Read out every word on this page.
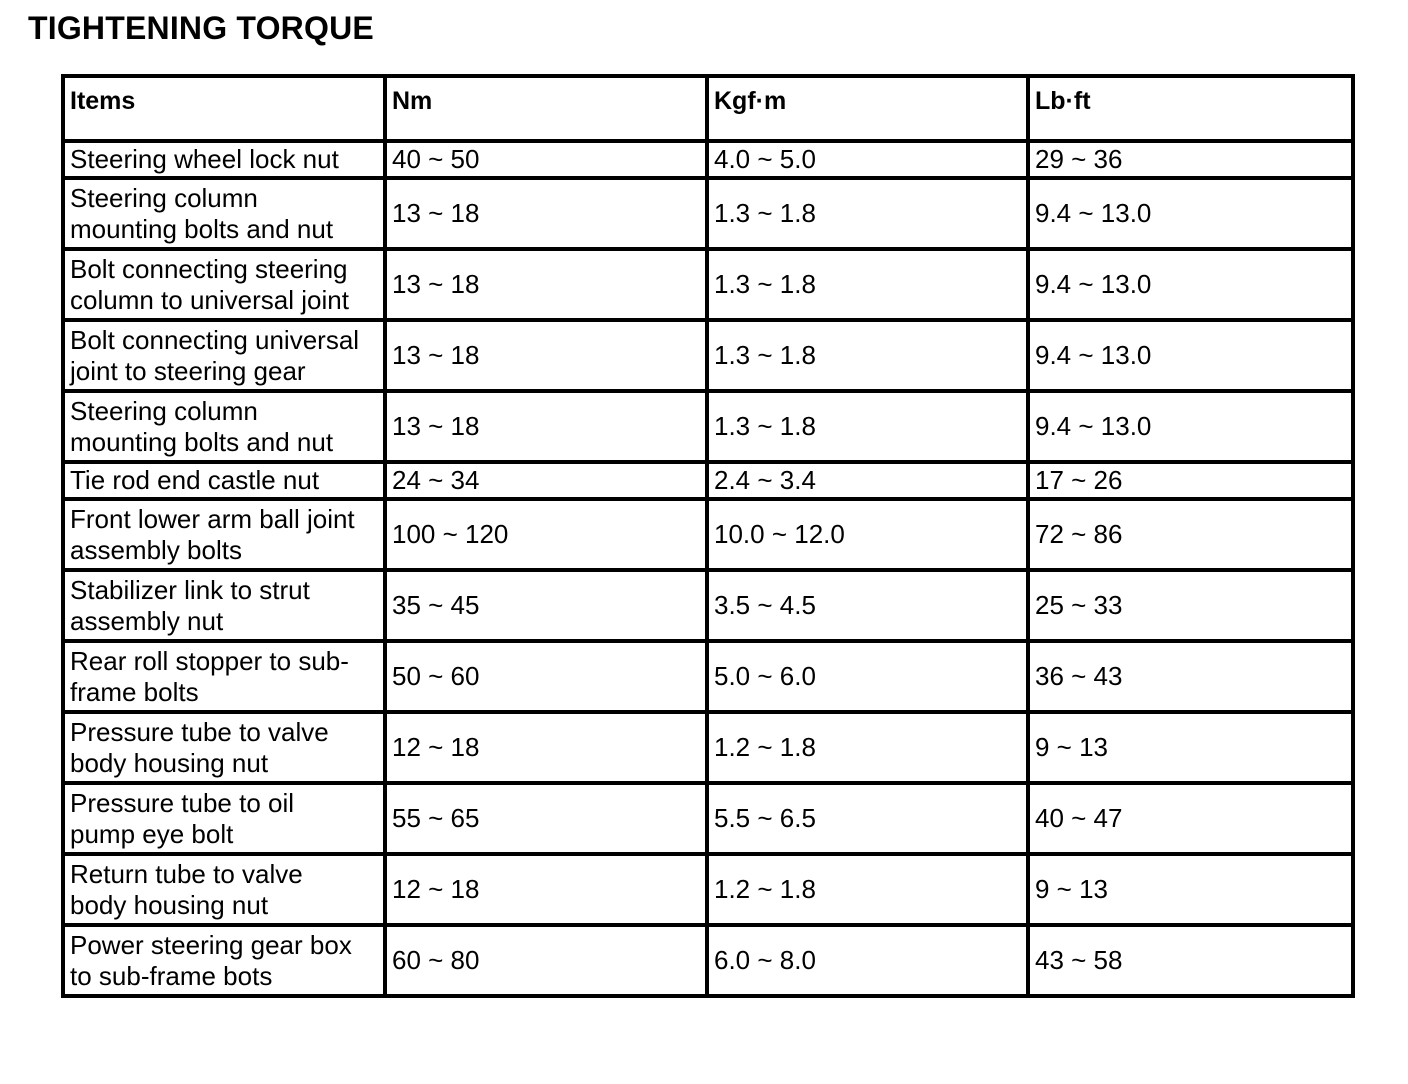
TIGHTENING TORQUE
Items	Nm	Kgf·m	Lb·ft
Steering wheel lock nut	40 ~ 50	4.0 ~ 5.0	29 ~ 36
Steering column
mounting bolts and nut	13 ~ 18	1.3 ~ 1.8	9.4 ~ 13.0
Bolt connecting steering
column to universal joint	13 ~ 18	1.3 ~ 1.8	9.4 ~ 13.0
Bolt connecting universal
joint to steering gear	13 ~ 18	1.3 ~ 1.8	9.4 ~ 13.0
Steering column
mounting bolts and nut	13 ~ 18	1.3 ~ 1.8	9.4 ~ 13.0
Tie rod end castle nut	24 ~ 34	2.4 ~ 3.4	17 ~ 26
Front lower arm ball joint
assembly bolts	100 ~ 120	10.0 ~ 12.0	72 ~ 86
Stabilizer link to strut
assembly nut	35 ~ 45	3.5 ~ 4.5	25 ~ 33
Rear roll stopper to sub-
frame bolts	50 ~ 60	5.0 ~ 6.0	36 ~ 43
Pressure tube to valve
body housing nut	12 ~ 18	1.2 ~ 1.8	9 ~ 13
Pressure tube to oil
pump eye bolt	55 ~ 65	5.5 ~ 6.5	40 ~ 47
Return tube to valve
body housing nut	12 ~ 18	1.2 ~ 1.8	9 ~ 13
Power steering gear box
to sub-frame bots	60 ~ 80	6.0 ~ 8.0	43 ~ 58
